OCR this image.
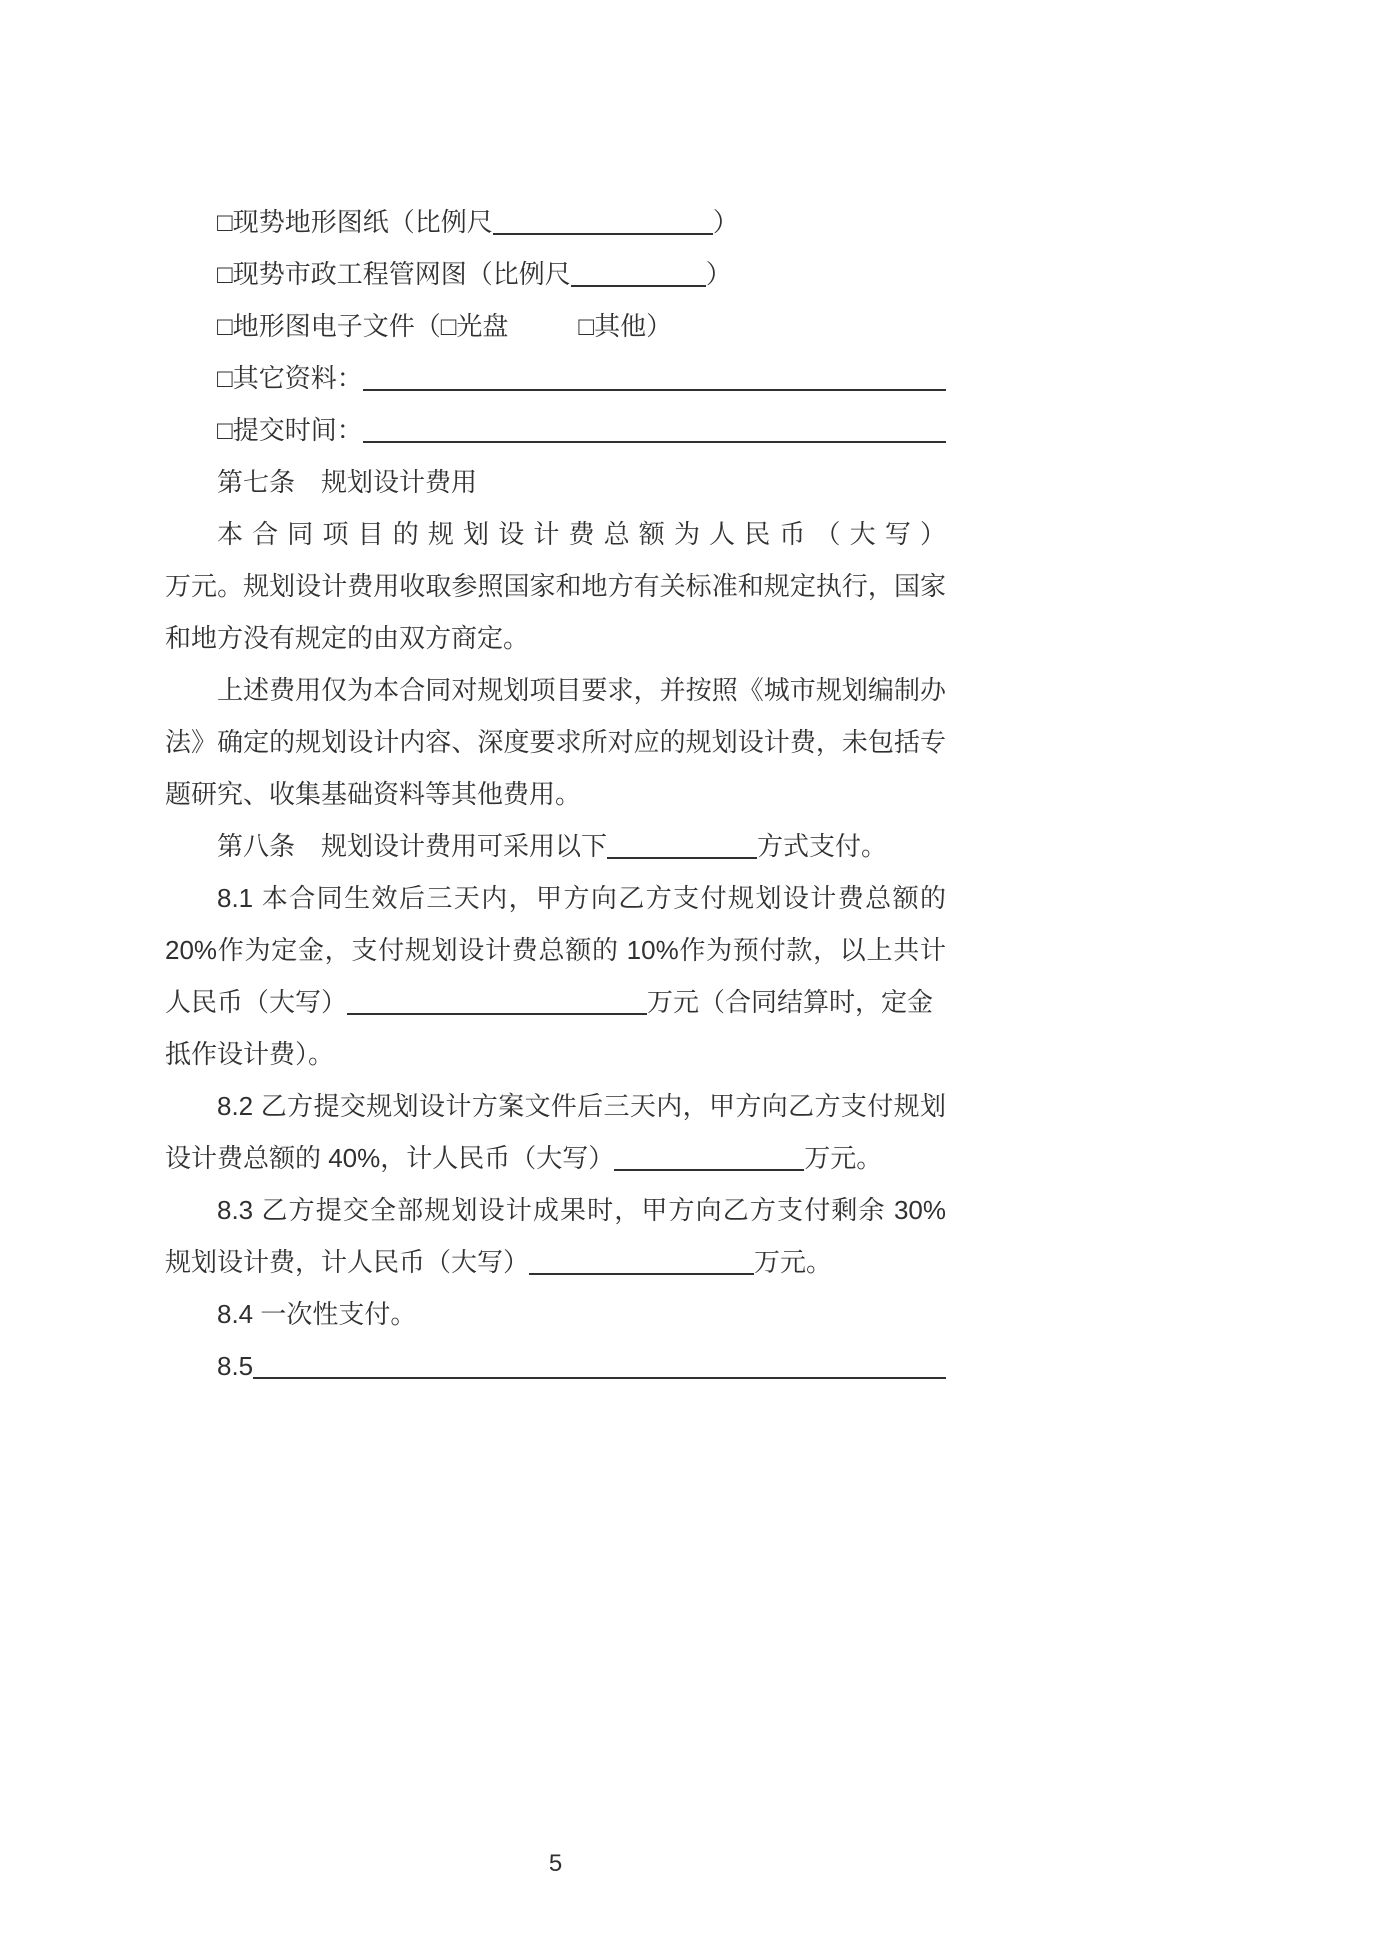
□现势地形图纸（比例尺	）
□现势市政工程管网图（比例尺	）
□地形图电子文件（□光盘	□其他）
□其它资料：
□提交时间：
第七条　规划设计费用
本合同项目的规划设计费总额为人民币（大写）
万元。规划设计费用收取参照国家和地方有关标准和规定执行，国家
和地方没有规定的由双方商定。
上述费用仅为本合同对规划项目要求，并按照《城市规划编制办
法》确定的规划设计内容、深度要求所对应的规划设计费，未包括专
题研究、收集基础资料等其他费用。
第八条　规划设计费用可采用以下	方式支付。
8.1 本合同生效后三天内，甲方向乙方支付规划设计费总额的
20%作为定金，支付规划设计费总额的 10%作为预付款，以上共计
人民币（大写）	万元（合同结算时，定金
抵作设计费）。
8.2 乙方提交规划设计方案文件后三天内，甲方向乙方支付规划
设计费总额的 40%，计人民币（大写）	万元。
8.3 乙方提交全部规划设计成果时，甲方向乙方支付剩余 30%
规划设计费，计人民币（大写）	万元。
8.4 一次性支付。
8.5
5
